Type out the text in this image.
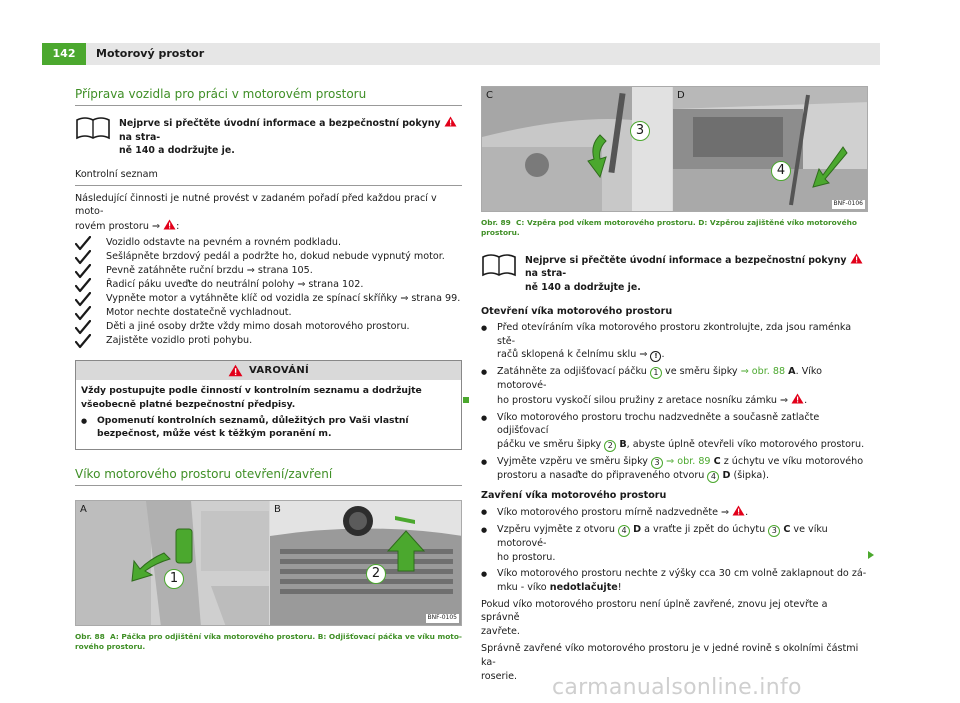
142	Motorový prostor
Příprava vozidla pro práci v motorovém prostoru
Nejprve si přečtěte úvodní informace a bezpečnostní pokyny
na stra-
ně 140 a dodržujte je.
Kontrolní seznam

Následující činnosti je nutné provést v zadaném pořadí před každou prací v moto-
rovém prostoru ⇒ :

Vozidlo odstavte na pevném a rovném podkladu.
Sešlápněte brzdový pedál a podržte ho, dokud nebude vypnutý motor.
Pevně zatáhněte ruční brzdu ⇒ strana 105.
Řadicí páku uveďte do neutrální polohy ⇒ strana 102.
Vypněte motor a vytáhněte klíč od vozidla ze spínací skříňky ⇒ strana 99.
Motor nechte dostatečně vychladnout.
Děti a jiné osoby držte vždy mimo dosah motorového prostoru.
Zajistěte vozidlo proti pohybu.
VAROVÁNÍ

Vždy postupujte podle činností v kontrolním seznamu a dodržujte všeobecně platné bezpečnostní předpisy.

● Opomenutí kontrolních seznamů, důležitých pro Vaši vlastní bezpečnost, může vést k těžkým poranění m.
Víko motorového prostoru otevření/zavření
A
1
B
2
BNF-0105
Obr. 88 A: Páčka pro odjištění víka motorového prostoru. B: Odjišťovací páčka ve víku moto-
rového prostoru.
C
3
D
4
BNF-0106
Obr. 89 C: Vzpěra pod víkem motorového prostoru. D: Vzpěrou zajištěné víko motorového
prostoru.
Nejprve si přečtěte úvodní informace a bezpečnostní pokyny
na stra-
ně 140 a dodržujte je.

Otevření víka motorového prostoru

● Před otevíráním víka motorového prostoru zkontrolujte, zda jsou raménka stě-
račů sklopená k čelnímu sklu ⇒ ! .
● Zatáhněte za odjišťovací páčku 1 ve směru šipky ⇒ obr. 88 A. Víko motorové-
ho prostoru vyskočí silou pružiny z aretace nosníku zámku ⇒ .
● Víko motorového prostoru trochu nadzvedněte a současně zatlačte odjišťovací
páčku ve směru šipky 2 B, abyste úplně otevřeli víko motorového prostoru.
● Vyjměte vzpěru ve směru šipky 3 ⇒ obr. 89 C z úchytu ve víku motorového
prostoru a nasaďte do připraveného otvoru 4 D (šipka).

Zavření víka motorového prostoru

● Víko motorového prostoru mírně nadzvedněte ⇒ .
● Vzpěru vyjměte z otvoru 4 D a vraťte ji zpět do úchytu 3 C ve víku motorové-
ho prostoru.
● Víko motorového prostoru nechte z výšky cca 30 cm volně zaklapnout do zá-
mku - víko nedotlačujte!

Pokud víko motorového prostoru není úplně zavřené, znovu jej otevřte a správně
zavřete.

Správně zavřené víko motorového prostoru je v jedné rovině s okolními částmi ka-
roserie.	carmanualsonline.info
